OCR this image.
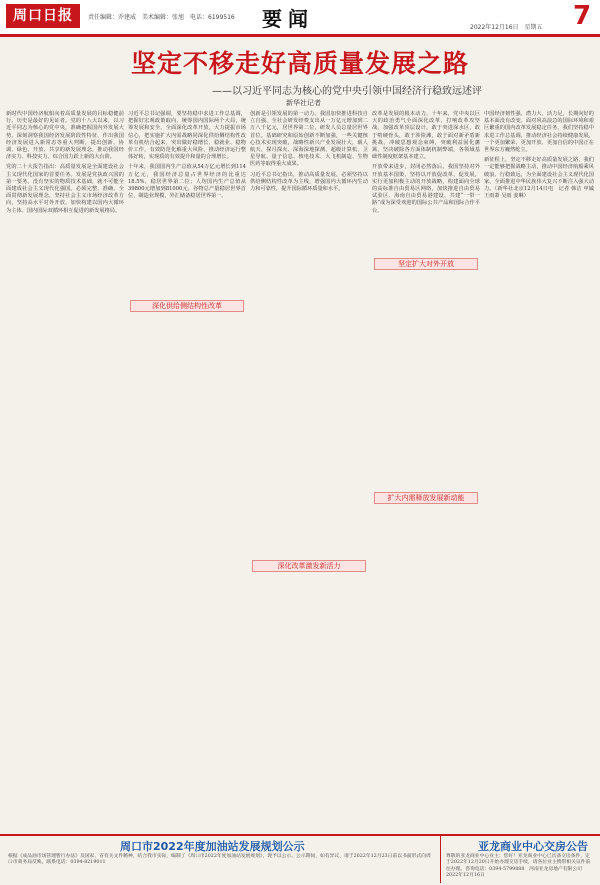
周口日报	责任编辑：乔建威　美术编辑：张旭　电话：6199516 要闻	2022年12月16日　星期五 7
坚定不移走好高质量发展之路
——以习近平同志为核心的党中央引领中国经济行稳致远述评
新华社记者

新时代中国经济航船向着高质量发展的目标稳健前行。历史是最好的见证者。党的十八大以来，以习近平同志为核心的党中央，准确把握国内外发展大势，深刻洞察我国经济发展阶段性特征，作出我国经济发展进入新常态等重大判断，提出创新、协调、绿色、开放、共享的新发展理念，推动我国经济实力、科技实力、综合国力跃上新的大台阶。

党的二十大报告指出：高质量发展是全面建设社会主义现代化国家的首要任务。发展是党执政兴国的第一要务。没有坚实的物质技术基础，就不可能全面建成社会主义现代化强国。必须完整、准确、全面贯彻新发展理念，坚持社会主义市场经济改革方向，坚持高水平对外开放，加快构建以国内大循环为主体、国内国际双循环相互促进的新发展格局。

习近平总书记强调，要坚持稳中求进工作总基调，把握好宏观政策取向，统筹国内国际两个大局，统筹发展和安全，全面深化改革开放，大力提振市场信心，把实施扩大内需战略同深化供给侧结构性改革有机结合起来，突出做好稳增长、稳就业、稳物价工作，有效防范化解重大风险，推动经济运行整体好转，实现质的有效提升和量的合理增长。

十年来，我国国内生产总值从54万亿元增长到114万亿元，我国经济总量占世界经济的比重达18.5%，稳居世界第二位；人均国内生产总值从39800元增加到81000元。谷物总产量稳居世界首位，制造业规模、外汇储备稳居世界第一。

深化供给侧结构性改革

创新是引领发展的第一动力。我国加快推进科技自立自强，全社会研发经费支出从一万亿元增加到二万八千亿元，居世界第二位，研发人员总量居世界首位。基础研究和原始创新不断加强，一些关键核心技术实现突破，战略性新兴产业发展壮大，载人航天、探月探火、深海深地探测、超级计算机、卫星导航、量子信息、核电技术、大飞机制造、生物医药等取得重大成果。

习近平总书记指出，推动高质量发展，必须坚持以供给侧结构性改革为主线，增强国内大循环内生动力和可靠性，提升国际循环质量和水平。

深化改革激发新活力

改革是发展的根本动力。十年来，党中央以巨大的政治勇气全面深化改革，打响改革攻坚战，加强改革顶层设计，敢于突进深水区，敢于啃硬骨头，敢于涉险滩，敢于面对新矛盾新挑战，冲破思想观念束缚，突破利益固化藩篱，坚决破除各方面体制机制弊端，各领域基础性制度框架基本建立。

开放带来进步，封闭必然落后。我国坚持对外开放基本国策，坚持以开放促改革、促发展，实行更加积极主动的开放战略，构建面向全球的高标准自由贸易区网络，加快推进自由贸易试验区、海南自由贸易港建设，共建“一带一路”成为深受欢迎的国际公共产品和国际合作平台。

坚定扩大对外开放

中国经济韧性强、潜力大、活力足，长期向好的基本面没有改变。面对风高浪急的国际环境和艰巨繁重的国内改革发展稳定任务，我们坚持稳中求进工作总基调，推动经济社会持续健康发展，一个更加繁荣、更加开放、更加自信的中国正在世界东方巍然屹立。

新征程上，坚定不移走好高质量发展之路，我们一定能够把握战略主动，推动中国经济航船乘风破浪、行稳致远，为全面建设社会主义现代化国家、全面推进中华民族伟大复兴不断注入强大动力。（新华社北京12月14日电　记者 韩洁 申铖 王雨萧 吴雨 姜琳）

扩大内需释放发展新动能
周口市2022年度加油站发展规划公示
根据《成品油市场管理暂行办法》及国家、省有关文件精神，结合我市实际，编制了《周口市2022年度加油站发展规划》，现予以公示。公示期间，如有异议，请于2022年12月23日前以书面形式向周口市商务局反映。联系电话：0394-8219011
亚龙商业中心交房公告
尊敬的亚龙商业中心业主：您好！亚龙商业中心已具备交房条件，定于2022年12月20日开始办理交房手续，请各位业主携带相关证件前往办理。咨询电话：0394-5799888　河南亚龙房地产有限公司　2022年12月16日
